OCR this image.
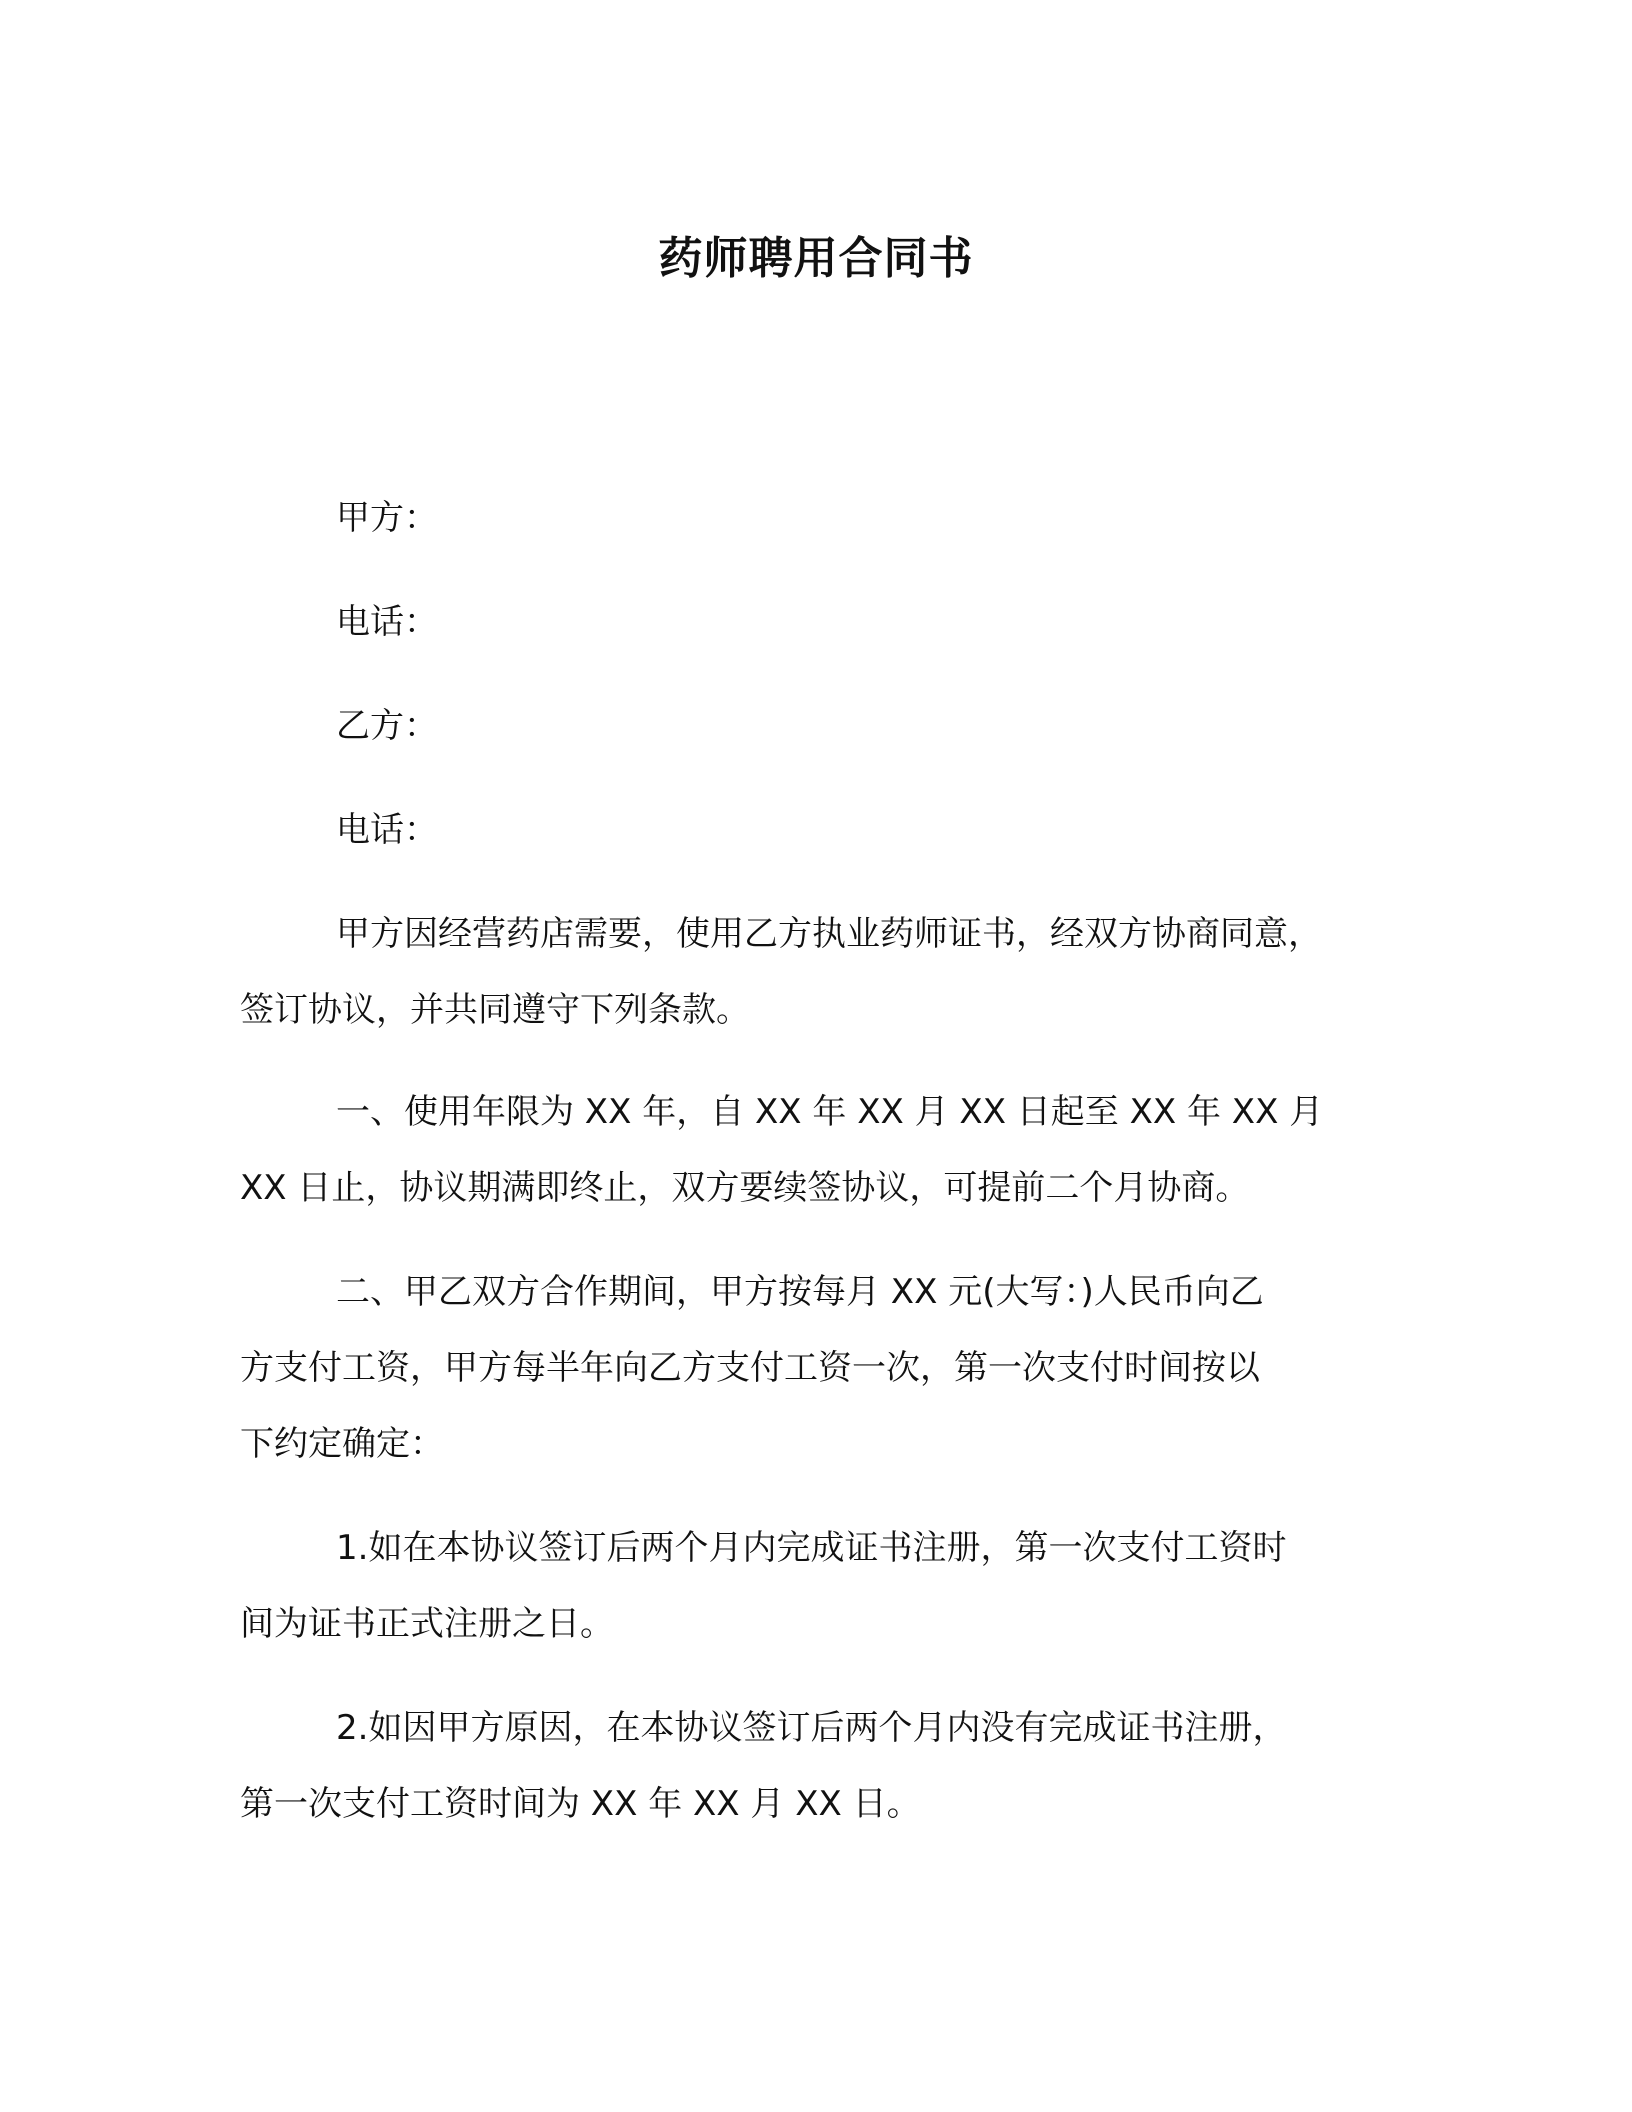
药师聘用合同书
甲方：
电话：
乙方：
电话：
甲方因经营药店需要，使用乙方执业药师证书，经双方协商同意，
签订协议，并共同遵守下列条款。
一、使用年限为 XX 年，自 XX 年 XX 月 XX 日起至 XX 年 XX 月
XX 日止，协议期满即终止，双方要续签协议，可提前二个月协商。
二、甲乙双方合作期间，甲方按每月 XX 元(大写：)人民币向乙
方支付工资，甲方每半年向乙方支付工资一次，第一次支付时间按以
下约定确定：
1.如在本协议签订后两个月内完成证书注册，第一次支付工资时
间为证书正式注册之日。
2.如因甲方原因，在本协议签订后两个月内没有完成证书注册，
第一次支付工资时间为 XX 年 XX 月 XX 日。
